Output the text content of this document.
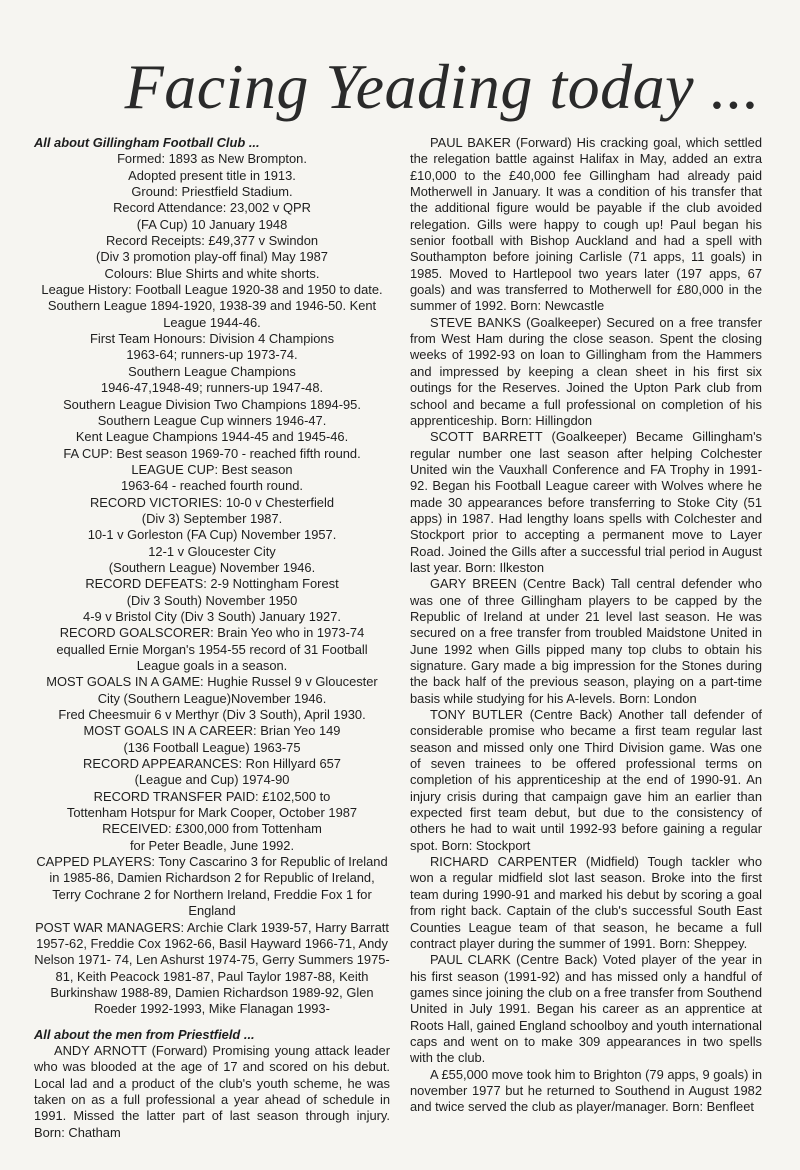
Facing Yeading today ...
All about Gillingham Football Club ...
Formed: 1893 as New Brompton.
Adopted present title in 1913.
Ground: Priestfield Stadium.
Record Attendance: 23,002 v QPR
(FA Cup) 10 January 1948
Record Receipts: £49,377 v Swindon
(Div 3 promotion play-off final) May 1987
Colours: Blue Shirts and white shorts.
League History: Football League 1920-38 and 1950 to date. Southern League 1894-1920, 1938-39 and 1946-50. Kent League 1944-46.
First Team Honours: Division 4 Champions
1963-64; runners-up 1973-74.
Southern League Champions
1946-47,1948-49; runners-up 1947-48.
Southern League Division Two Champions 1894-95.
Southern League Cup winners 1946-47.
Kent League Champions 1944-45 and 1945-46.
FA CUP: Best season 1969-70 - reached fifth round.
LEAGUE CUP: Best season
1963-64 - reached fourth round.
RECORD VICTORIES: 10-0 v Chesterfield
(Div 3) September 1987.
10-1 v Gorleston (FA Cup) November 1957.
12-1 v Gloucester City
(Southern League) November 1946.
RECORD DEFEATS: 2-9 Nottingham Forest
(Div 3 South) November 1950
4-9 v Bristol City (Div 3 South) January 1927.
RECORD GOALSCORER: Brain Yeo who in 1973-74 equalled Ernie Morgan's 1954-55 record of 31 Football League goals in a season.
MOST GOALS IN A GAME: Hughie Russel 9 v Gloucester City (Southern League)November 1946.
Fred Cheesmuir 6 v Merthyr (Div 3 South), April 1930.
MOST GOALS IN A CAREER: Brian Yeo 149
(136 Football League) 1963-75
RECORD APPEARANCES: Ron Hillyard 657
(League and Cup) 1974-90
RECORD TRANSFER PAID: £102,500 to
Tottenham Hotspur for Mark Cooper, October 1987
RECEIVED: £300,000 from Tottenham
for Peter Beadle, June 1992.
CAPPED PLAYERS: Tony Cascarino 3 for Republic of Ireland in 1985-86, Damien Richardson 2 for Republic of Ireland, Terry Cochrane 2 for Northern Ireland, Freddie Fox 1 for England
POST WAR MANAGERS: Archie Clark 1939-57, Harry Barratt 1957-62, Freddie Cox 1962-66, Basil Hayward 1966-71, Andy Nelson 1971- 74, Len Ashurst 1974-75, Gerry Summers 1975-81, Keith Peacock 1981-87, Paul Taylor 1987-88, Keith Burkinshaw 1988-89, Damien Richardson 1989-92, Glen Roeder 1992-1993, Mike Flanagan 1993-
All about the men from Priestfield ...
ANDY ARNOTT (Forward) Promising young attack leader who was blooded at the age of 17 and scored on his debut. Local lad and a product of the club's youth scheme, he was taken on as a full professional a year ahead of schedule in 1991. Missed the latter part of last season through injury. Born: Chatham
PAUL BAKER (Forward) His cracking goal, which settled the relegation battle against Halifax in May, added an extra £10,000 to the £40,000 fee Gillingham had already paid Motherwell in January. It was a condition of his transfer that the additional figure would be payable if the club avoided relegation. Gills were happy to cough up! Paul began his senior football with Bishop Auckland and had a spell with Southampton before joining Carlisle (71 apps, 11 goals) in 1985. Moved to Hartlepool two years later (197 apps, 67 goals) and was transferred to Motherwell for £80,000 in the summer of 1992. Born: Newcastle
STEVE BANKS (Goalkeeper) Secured on a free transfer from West Ham during the close season. Spent the closing weeks of 1992-93 on loan to Gillingham from the Hammers and impressed by keeping a clean sheet in his first six outings for the Reserves. Joined the Upton Park club from school and became a full professional on completion of his apprenticeship. Born: Hillingdon
SCOTT BARRETT (Goalkeeper) Became Gillingham's regular number one last season after helping Colchester United win the Vauxhall Conference and FA Trophy in 1991-92. Began his Football League career with Wolves where he made 30 appearances before transferring to Stoke City (51 apps) in 1987. Had lengthy loans spells with Colchester and Stockport prior to accepting a permanent move to Layer Road. Joined the Gills after a successful trial period in August last year. Born: Ilkeston
GARY BREEN (Centre Back) Tall central defender who was one of three Gillingham players to be capped by the Republic of Ireland at under 21 level last season. He was secured on a free transfer from troubled Maidstone United in June 1992 when Gills pipped many top clubs to obtain his signature. Gary made a big impression for the Stones during the back half of the previous season, playing on a part-time basis while studying for his A-levels. Born: London
TONY BUTLER (Centre Back) Another tall defender of considerable promise who became a first team regular last season and missed only one Third Division game. Was one of seven trainees to be offered professional terms on completion of his apprenticeship at the end of 1990-91. An injury crisis during that campaign gave him an earlier than expected first team debut, but due to the consistency of others he had to wait until 1992-93 before gaining a regular spot. Born: Stockport
RICHARD CARPENTER (Midfield) Tough tackler who won a regular midfield slot last season. Broke into the first team during 1990-91 and marked his debut by scoring a goal from right back. Captain of the club's successful South East Counties League team of that season, he became a full contract player during the summer of 1991. Born: Sheppey.
PAUL CLARK (Centre Back) Voted player of the year in his first season (1991-92) and has missed only a handful of games since joining the club on a free transfer from Southend United in July 1991. Began his career as an apprentice at Roots Hall, gained England schoolboy and youth international caps and went on to make 309 appearances in two spells with the club.
A £55,000 move took him to Brighton (79 apps, 9 goals) in november 1977 but he returned to Southend in August 1982 and twice served the club as player/manager. Born: Benfleet
